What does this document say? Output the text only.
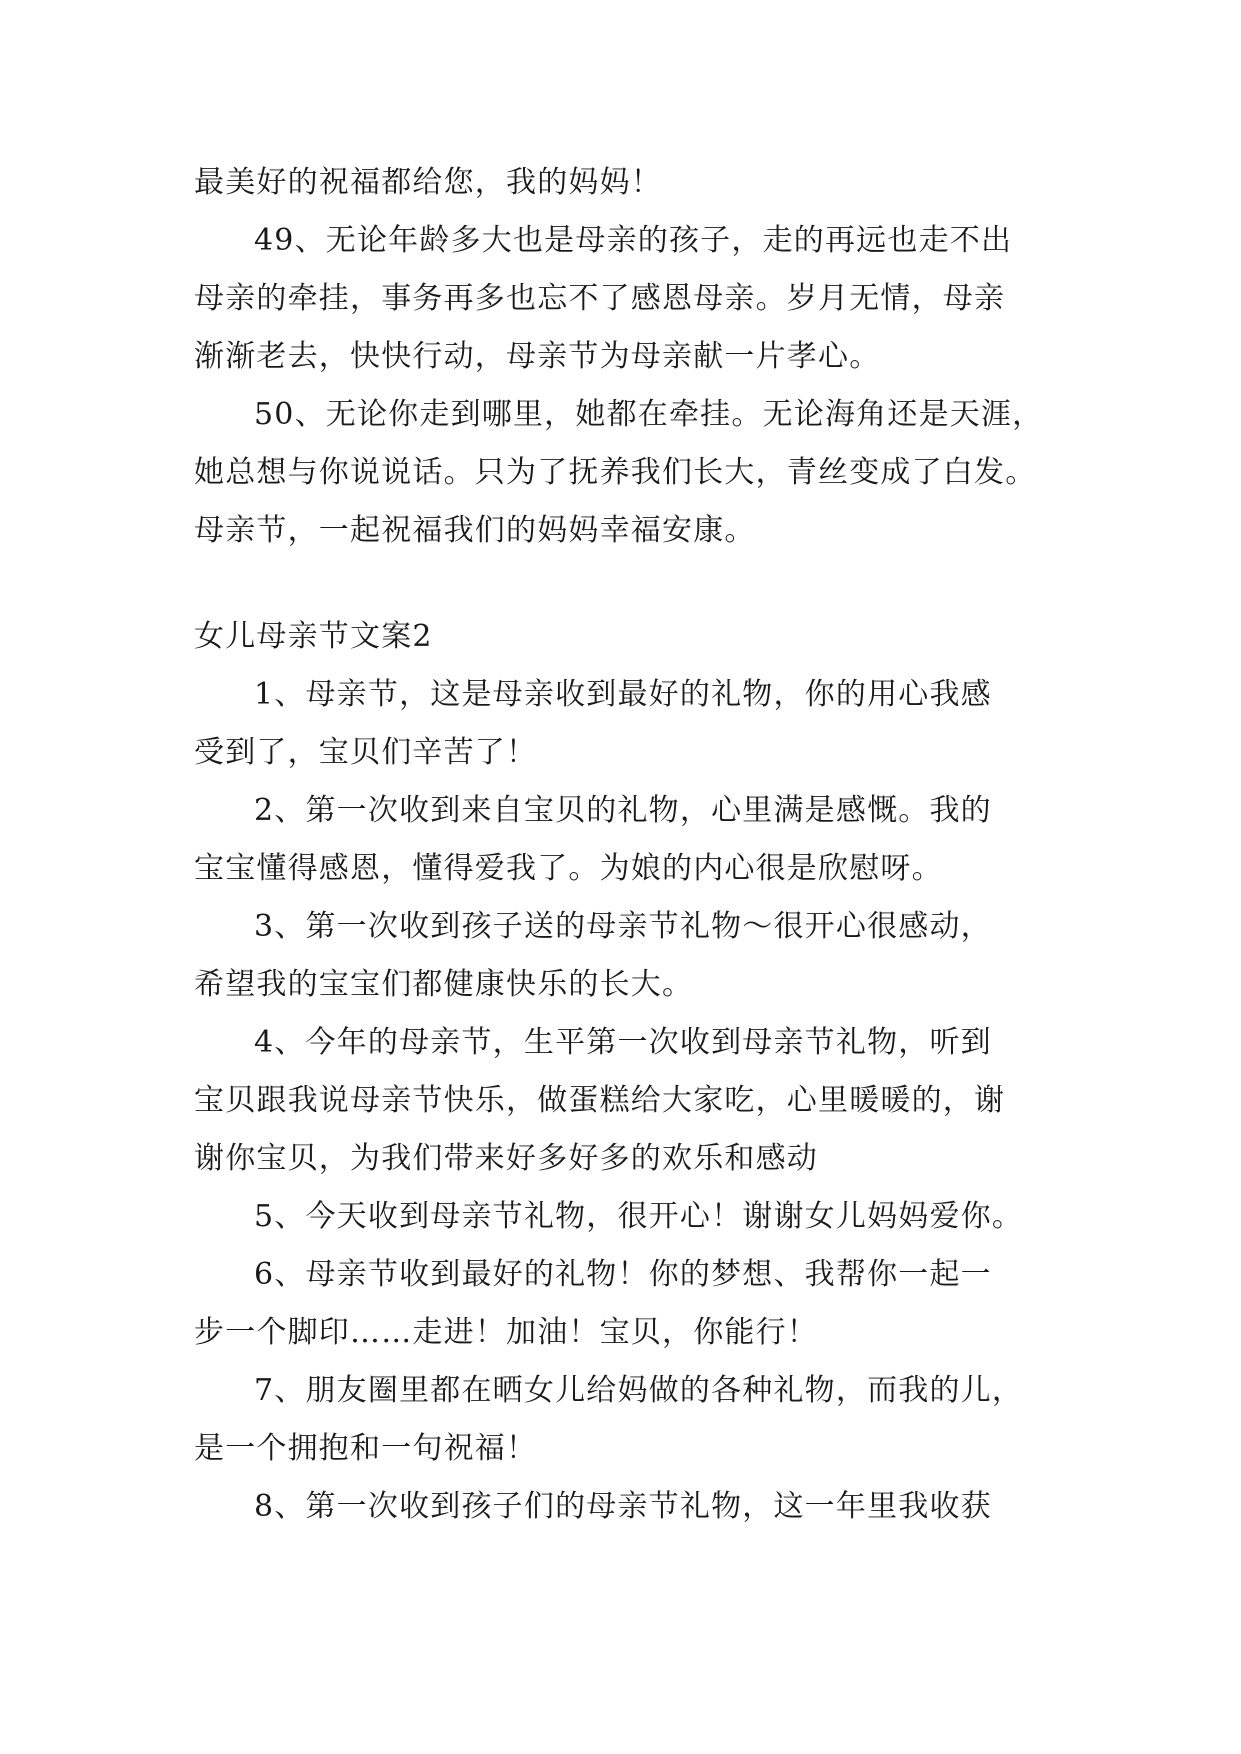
最美好的祝福都给您，我的妈妈！
49、无论年龄多大也是母亲的孩子，走的再远也走不出
母亲的牵挂，事务再多也忘不了感恩母亲。岁月无情，母亲
渐渐老去，快快行动，母亲节为母亲献一片孝心。
50、无论你走到哪里，她都在牵挂。无论海角还是天涯，
她总想与你说说话。只为了抚养我们长大，青丝变成了白发。
母亲节，一起祝福我们的妈妈幸福安康。
女儿母亲节文案2
1、母亲节，这是母亲收到最好的礼物，你的用心我感
受到了，宝贝们辛苦了！
2、第一次收到来自宝贝的礼物，心里满是感慨。我的
宝宝懂得感恩，懂得爱我了。为娘的内心很是欣慰呀。
3、第一次收到孩子送的母亲节礼物～很开心很感动，
希望我的宝宝们都健康快乐的长大。
4、今年的母亲节，生平第一次收到母亲节礼物，听到
宝贝跟我说母亲节快乐，做蛋糕给大家吃，心里暖暖的，谢
谢你宝贝，为我们带来好多好多的欢乐和感动
5、今天收到母亲节礼物，很开心！谢谢女儿妈妈爱你。
6、母亲节收到最好的礼物！你的梦想、我帮你一起一
步一个脚印……走进！加油！宝贝，你能行！
7、朋友圈里都在晒女儿给妈做的各种礼物，而我的儿，
是一个拥抱和一句祝福！
8、第一次收到孩子们的母亲节礼物，这一年里我收获
